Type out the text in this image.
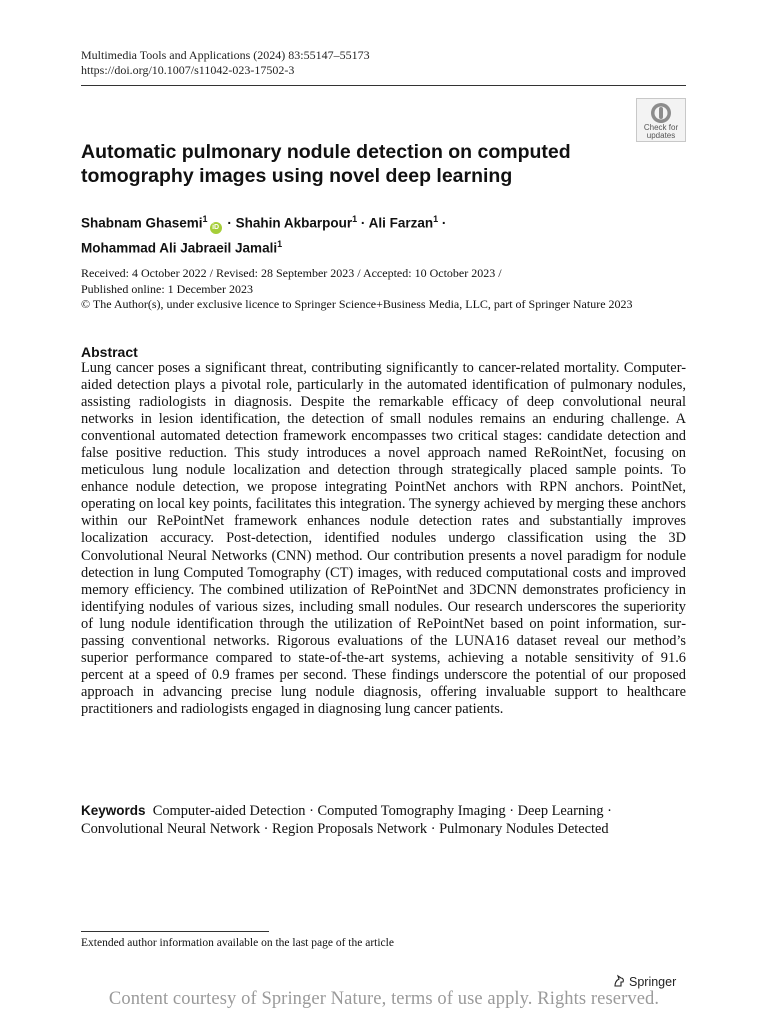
Multimedia Tools and Applications (2024) 83:55147–55173
https://doi.org/10.1007/s11042-023-17502-3
Check for
updates
Automatic pulmonary nodule detection on computed tomography images using novel deep learning
Shabnam Ghasemi$^1$iD · Shahin Akbarpour$^1$ · Ali Farzan$^1$ ·
Mohammad Ali Jabraeil Jamali$^1$
Received: 4 October 2022 / Revised: 28 September 2023 / Accepted: 10 October 2023 /
Published online: 1 December 2023
© The Author(s), under exclusive licence to Springer Science+Business Media, LLC, part of Springer Nature 2023
Abstract
Lung cancer poses a significant threat, contributing significantly to cancer-related mortality. Computer-aided detection plays a pivotal role, particularly in the automated identification of pulmonary nodules, assisting radiologists in diagnosis. Despite the remarkable efficacy of deep convolutional neural networks in lesion identification, the detection of small nodules remains an enduring challenge. A conventional automated detection framework encompasses two critical stages: candidate detection and false positive reduction. This study introduces a novel approach named ReRointNet, focusing on meticulous lung nodule localization and detection through strategically placed sample points. To enhance nodule detection, we propose integrating PointNet anchors with RPN anchors. PointNet, operating on local key points, facilitates this integration. The synergy achieved by merging these anchors within our RePointNet framework enhances nodule detection rates and substantially improves localization accuracy. Post-detection, identified nodules undergo classification using the 3D Convolutional Neural Networks (CNN) method. Our contribution presents a novel paradigm for nodule detection in lung Computed Tomography (CT) images, with reduced computational costs and improved memory efficiency. The combined utilization of RePointNet and 3DCNN demonstrates proficiency in identifying nodules of various sizes, including small nodules. Our research underscores the superiority of lung nodule identification through the utilization of RePointNet based on point information, surpassing conventional networks. Rigorous evaluations of the LUNA16 dataset reveal our method’s superior performance compared to state-of-the-art systems, achieving a notable sensitivity of 91.6 percent at a speed of 0.9 frames per second. These findings underscore the potential of our proposed approach in advancing precise lung nodule diagnosis, offering invaluable support to healthcare practitioners and radiologists engaged in diagnosing lung cancer patients.
Keywords Computer-aided Detection · Computed Tomography Imaging · Deep Learning · Convolutional Neural Network · Region Proposals Network · Pulmonary Nodules Detected
Extended author information available on the last page of the article
Springer
Content courtesy of Springer Nature, terms of use apply. Rights reserved.
